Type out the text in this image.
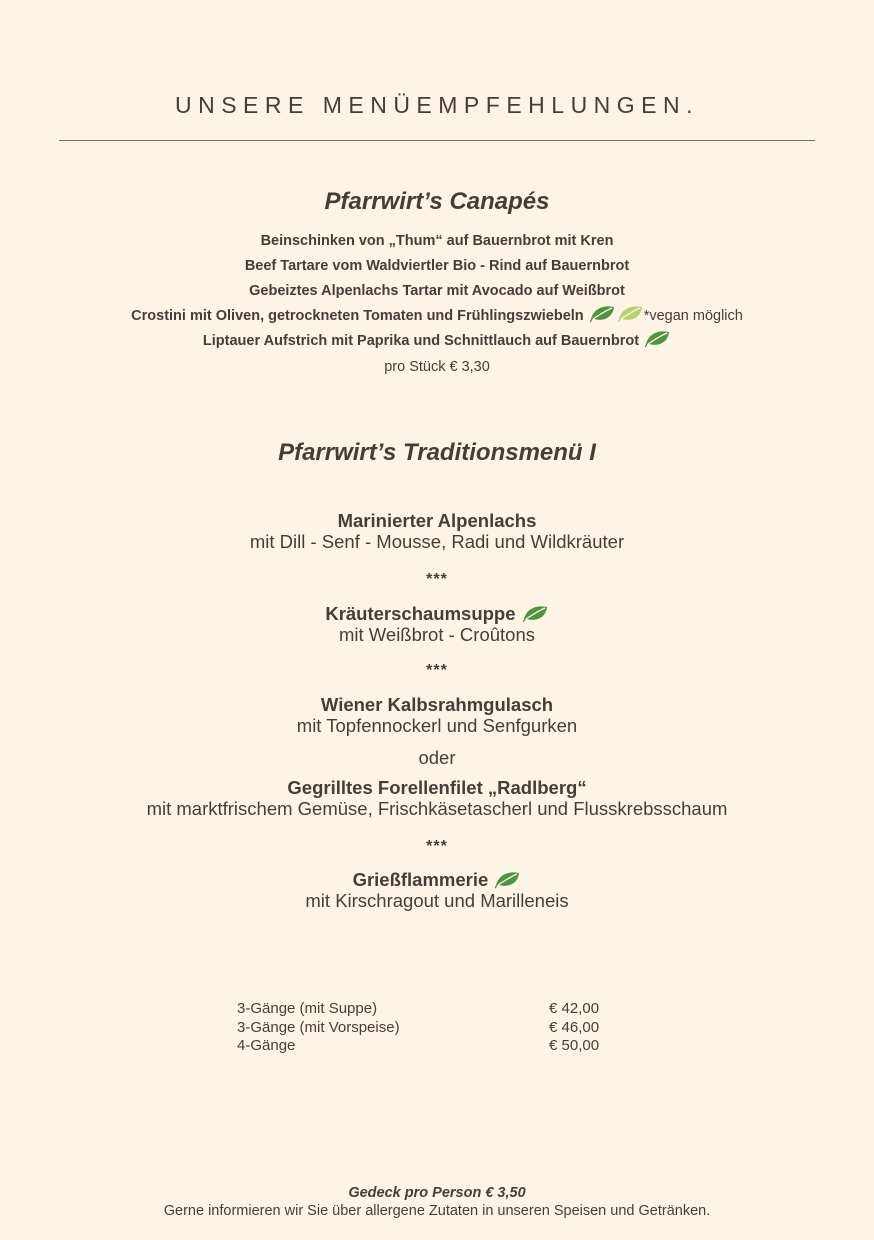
UNSERE MENÜEMPFEHLUNGEN.
Pfarrwirt’s Canapés
Beinschinken von „Thum“ auf Bauernbrot mit Kren
Beef Tartare vom Waldviertler Bio - Rind auf Bauernbrot
Gebeiztes Alpenlachs Tartar mit Avocado auf Weißbrot
Crostini mit Oliven, getrockneten Tomaten und Frühlingszwiebeln	*vegan möglich
Liptauer Aufstrich mit Paprika und Schnittlauch auf Bauernbrot
pro Stück € 3,30
Pfarrwirt’s Traditionsmenü I
Marinierter Alpenlachs
mit Dill - Senf - Mousse, Radi und Wildkräuter
***
Kräuterschaumsuppe
mit Weißbrot - Croûtons
***
Wiener Kalbsrahmgulasch
mit Topfennockerl und Senfgurken
oder
Gegrilltes Forellenfilet „Radlberg“
mit marktfrischem Gemüse, Frischkäsetascherl und Flusskrebsschaum
***
Grießflammerie
mit Kirschragout und Marilleneis
3-Gänge (mit Suppe)	€ 42,00
3-Gänge (mit Vorspeise)	€ 46,00
4-Gänge	€ 50,00
Gedeck pro Person € 3,50
Gerne informieren wir Sie über allergene Zutaten in unseren Speisen und Getränken.
